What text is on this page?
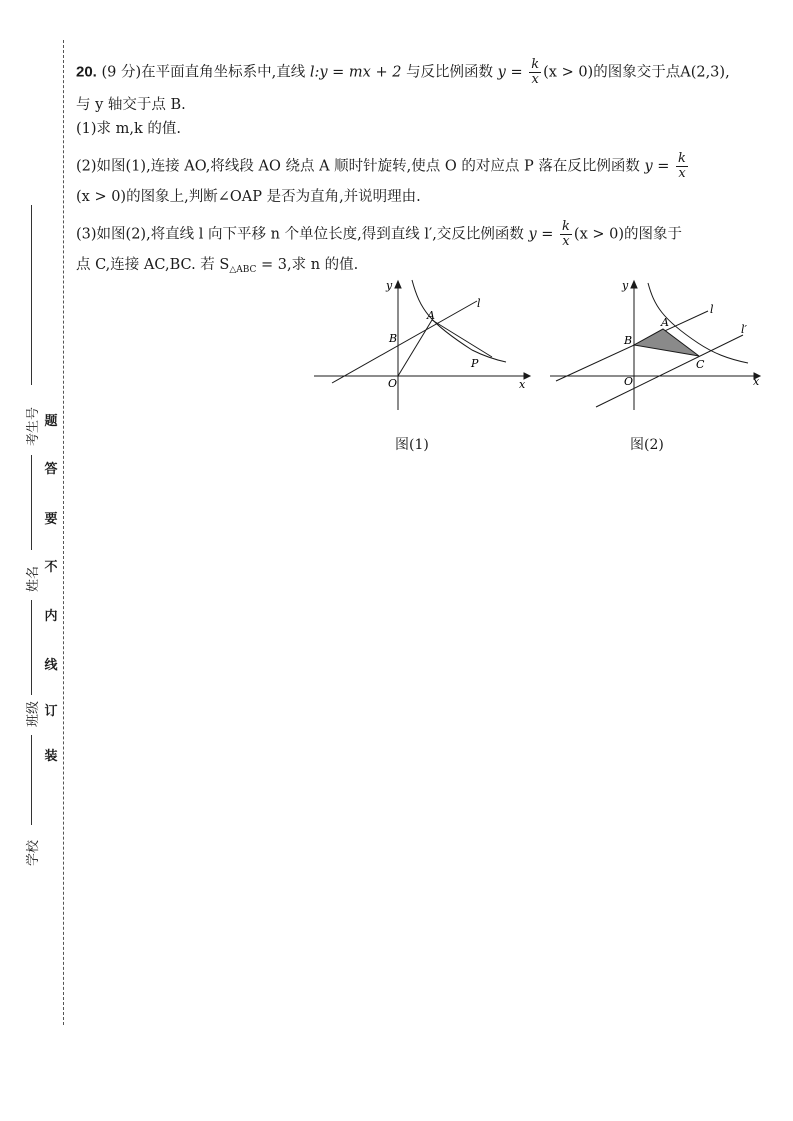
考生号
姓名
班级
学校
题
答
要
不
内
线
订
装
20. (9 分)在平面直角坐标系中,直线 l:y = mx + 2 与反比例函数 $y = \frac{k}{x} (x > 0)$的图象交于点A(2,3),
与 y 轴交于点 B.
(1)求 m,k 的值.
(2)如图(1),连接 AO,将线段 AO 绕点 A 顺时针旋转,使点 O 的对应点 P 落在反比例函数 $y = \frac{k}{x}$
(x > 0)的图象上,判断∠OAP 是否为直角,并说明理由.
(3)如图(2),将直线 l 向下平移 n 个单位长度,得到直线 l′,交反比例函数 $y = \frac{k}{x} (x > 0)$的图象于
点 C,连接 AC,BC. 若 $S_{\triangle ABC} = 3$,求 n 的值.
y
x
O
B
A
P
l
图(1)
y
x
O
B
A
C
l
l′
图(2)
